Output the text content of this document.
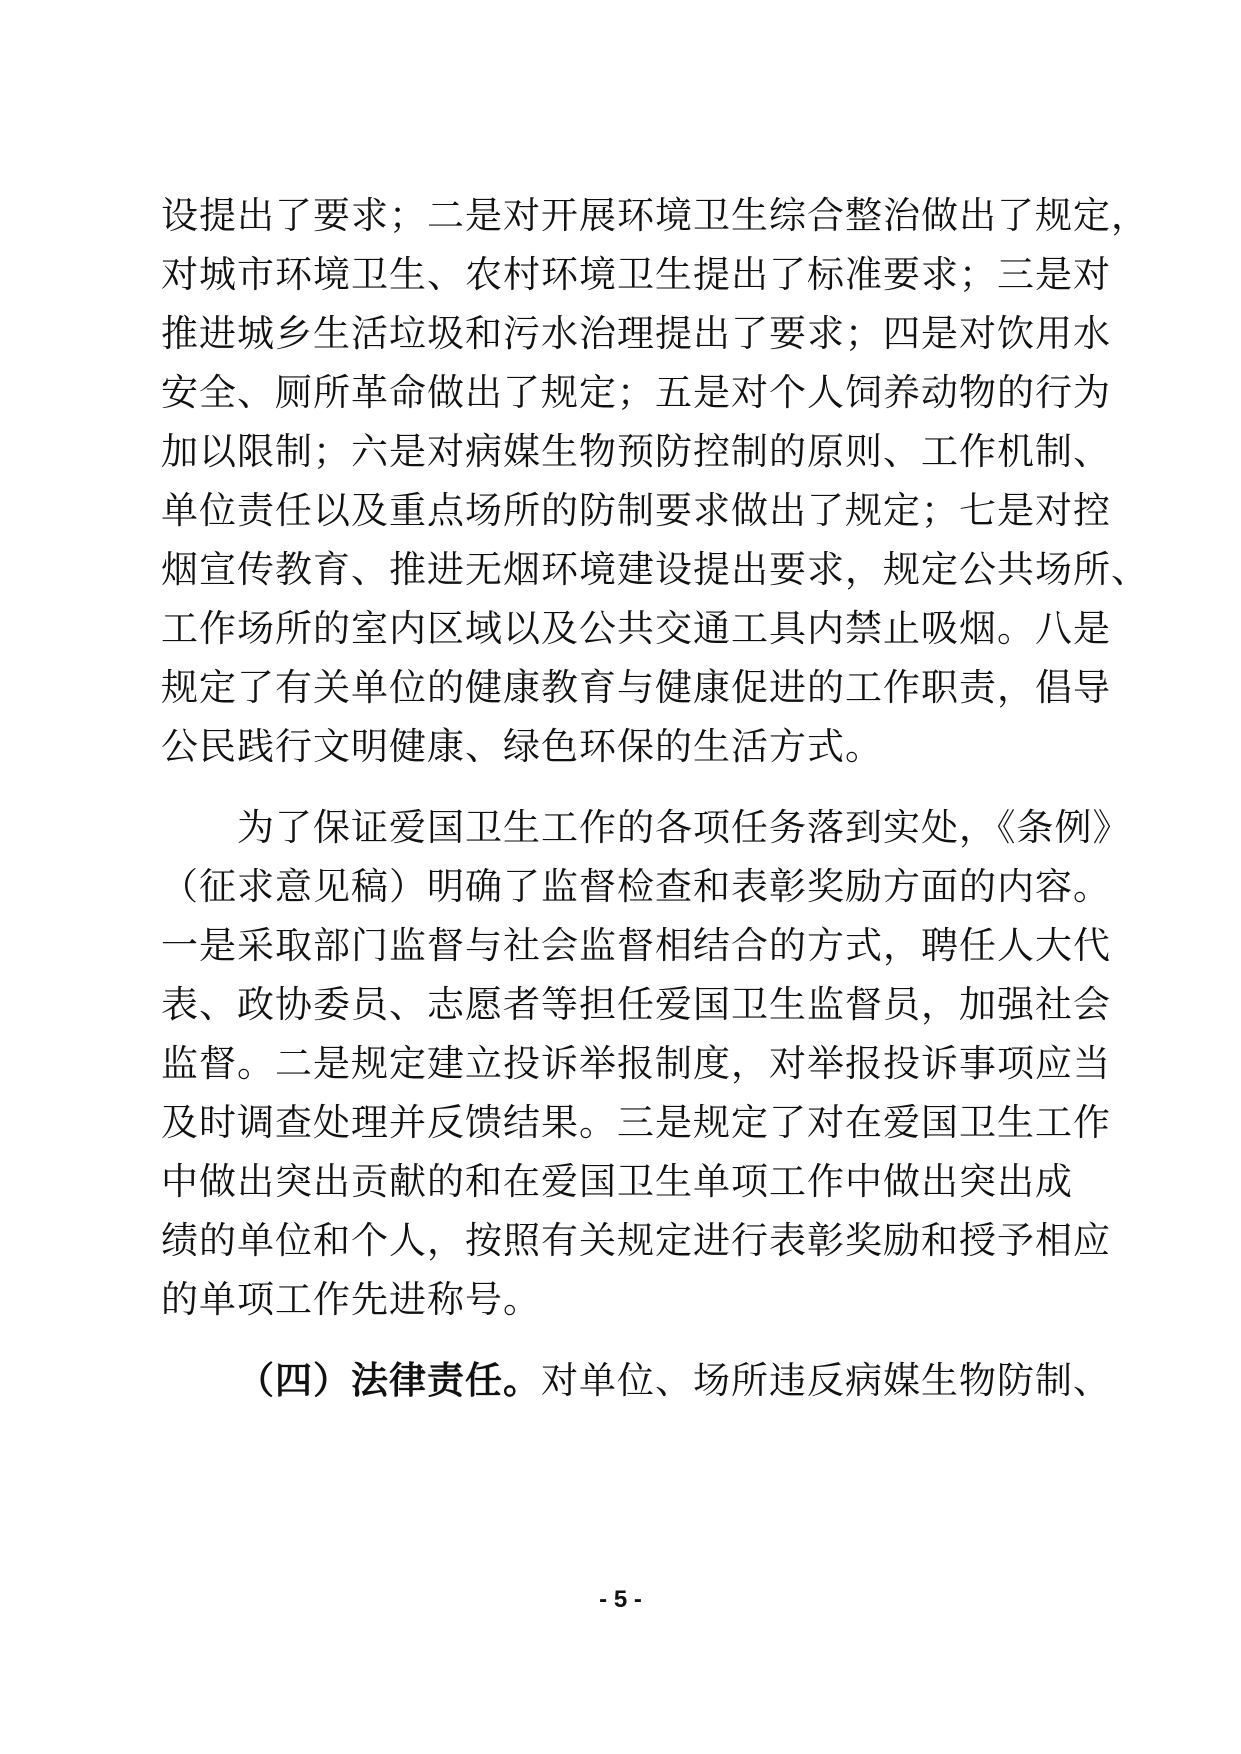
设提出了要求；二是对开展环境卫生综合整治做出了规定，
对城市环境卫生、农村环境卫生提出了标准要求；三是对
推进城乡生活垃圾和污水治理提出了要求；四是对饮用水
安全、厕所革命做出了规定；五是对个人饲养动物的行为
加以限制；六是对病媒生物预防控制的原则、工作机制、
单位责任以及重点场所的防制要求做出了规定；七是对控
烟宣传教育、推进无烟环境建设提出要求，规定公共场所、
工作场所的室内区域以及公共交通工具内禁止吸烟。八是
规定了有关单位的健康教育与健康促进的工作职责，倡导
公民践行文明健康、绿色环保的生活方式。
为了保证爱国卫生工作的各项任务落到实处，《条例》
（征求意见稿）明确了监督检查和表彰奖励方面的内容。
一是采取部门监督与社会监督相结合的方式，聘任人大代
表、政协委员、志愿者等担任爱国卫生监督员，加强社会
监督。二是规定建立投诉举报制度，对举报投诉事项应当
及时调查处理并反馈结果。三是规定了对在爱国卫生工作
中做出突出贡献的和在爱国卫生单项工作中做出突出成
绩的单位和个人，按照有关规定进行表彰奖励和授予相应
的单项工作先进称号。
（四）法律责任。对单位、场所违反病媒生物防制、
- 5 -
